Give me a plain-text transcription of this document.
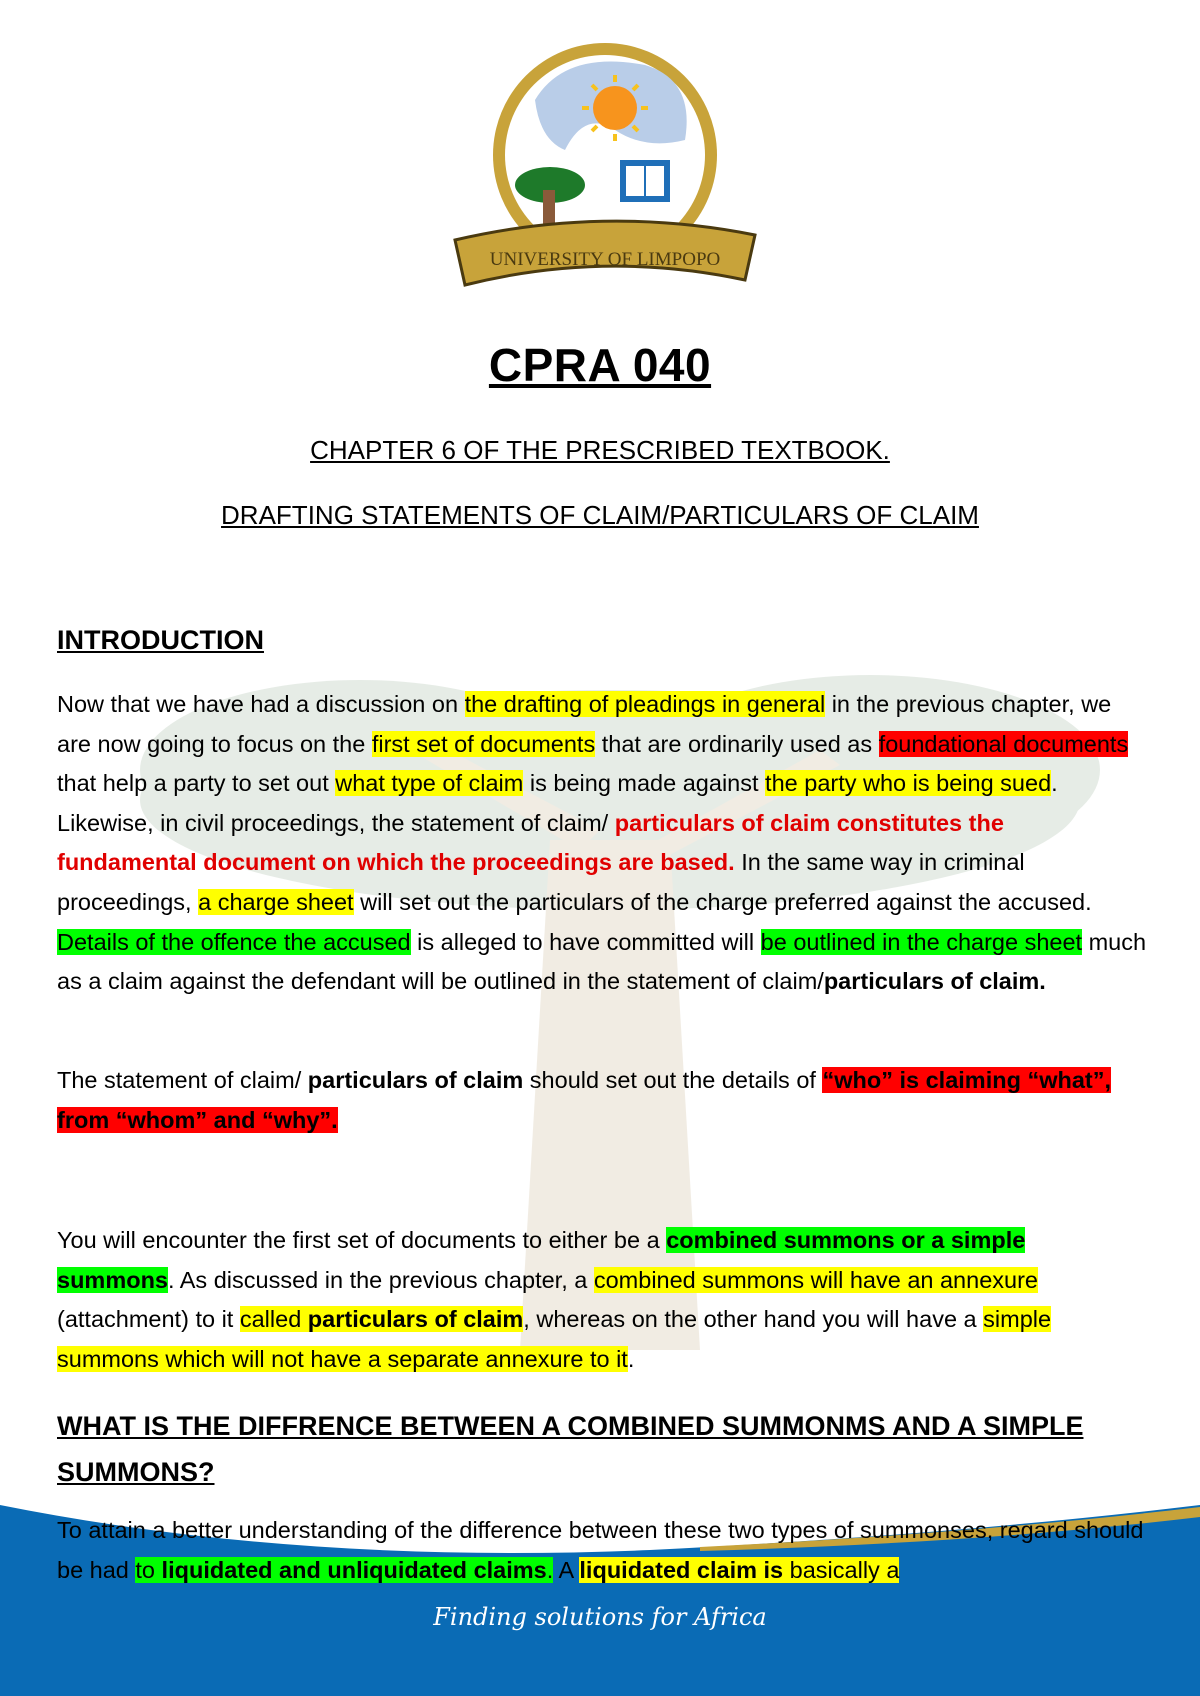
UNIVERSITY OF LIMPOPO
CPRA 040
CHAPTER 6 OF THE PRESCRIBED TEXTBOOK.
DRAFTING STATEMENTS OF CLAIM/PARTICULARS OF CLAIM
INTRODUCTION
Now that we have had a discussion on the drafting of pleadings in general in the previous chapter, we are now going to focus on the first set of documents that are ordinarily used as foundational documents that help a party to set out what type of claim is being made against the party who is being sued. Likewise, in civil proceedings, the statement of claim/ particulars of claim constitutes the fundamental document on which the proceedings are based. In the same way in criminal proceedings, a charge sheet will set out the particulars of the charge preferred against the accused. Details of the offence the accused is alleged to have committed will be outlined in the charge sheet much as a claim against the defendant will be outlined in the statement of claim/particulars of claim.
The statement of claim/ particulars of claim should set out the details of “who” is claiming “what”, from “whom” and “why”.
You will encounter the first set of documents to either be a combined summons or a simple summons. As discussed in the previous chapter, a combined summons will have an annexure (attachment) to it called particulars of claim, whereas on the other hand you will have a simple summons which will not have a separate annexure to it.
WHAT IS THE DIFFRENCE BETWEEN A COMBINED SUMMONMS AND A SIMPLE SUMMONS?
To attain a better understanding of the difference between these two types of summonses, regard should be had to liquidated and unliquidated claims. A liquidated claim is basically a
Finding solutions for Africa
